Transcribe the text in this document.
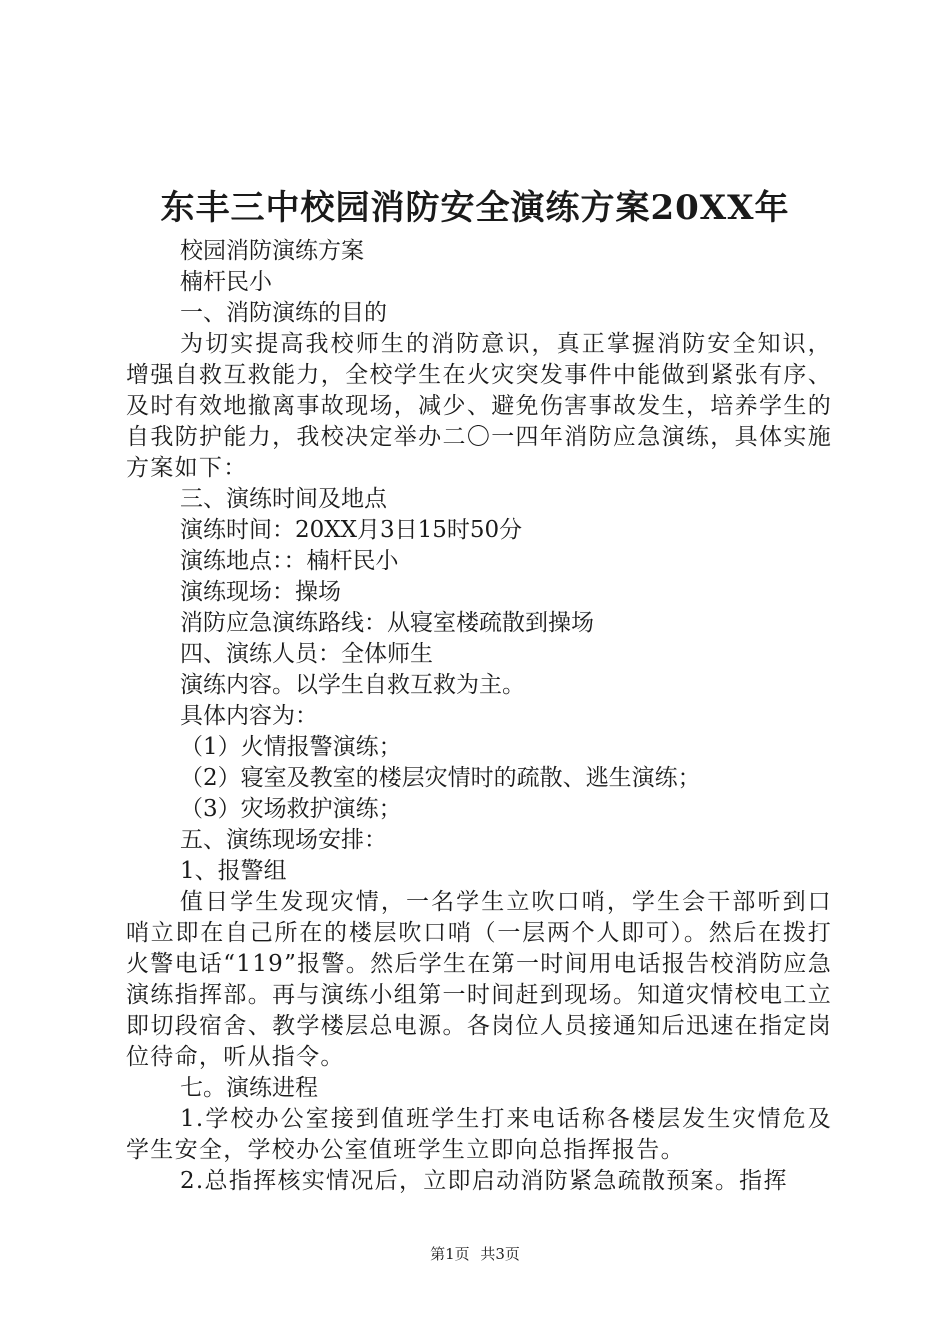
东丰三中校园消防安全演练方案20XX年
校园消防演练方案
楠杆民小
一、消防演练的目的
为切实提高我校师生的消防意识，真正掌握消防安全知识，增强自救互救能力，全校学生在火灾突发事件中能做到紧张有序、及时有效地撤离事故现场，减少、避免伤害事故发生，培养学生的自我防护能力，我校决定举办二〇一四年消防应急演练，具体实施方案如下：
三、演练时间及地点
演练时间：20XX月3日15时50分
演练地点：：楠杆民小
演练现场：操场
消防应急演练路线：从寝室楼疏散到操场
四、演练人员：全体师生
演练内容。以学生自救互救为主。
具体内容为：
（1）火情报警演练；
（2）寝室及教室的楼层灾情时的疏散、逃生演练；
（3）灾场救护演练；
五、演练现场安排：
1、报警组
值日学生发现灾情，一名学生立吹口哨，学生会干部听到口哨立即在自己所在的楼层吹口哨（一层两个人即可）。然后在拨打火警电话“119”报警。然后学生在第一时间用电话报告校消防应急演练指挥部。再与演练小组第一时间赶到现场。知道灾情校电工立即切段宿舍、教学楼层总电源。各岗位人员接通知后迅速在指定岗位待命，听从指令。
七。演练进程
1.学校办公室接到值班学生打来电话称各楼层发生灾情危及学生安全，学校办公室值班学生立即向总指挥报告。
2.总指挥核实情况后，立即启动消防紧急疏散预案。指挥
第1页 共3页
